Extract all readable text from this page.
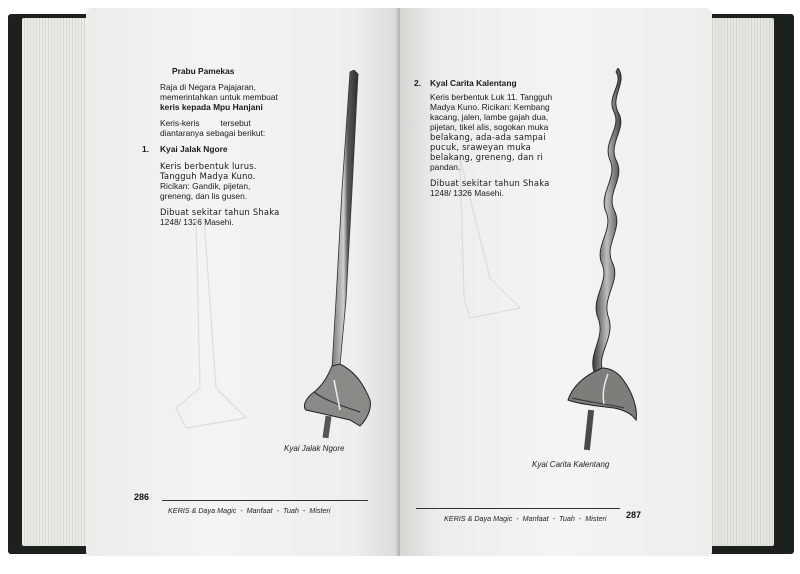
Prabu Pamekas
Raja di Negara Pajajaran,
memerintahkan untuk membuat
keris kepada Mpu Hanjani
Keris-keris         tersebut
diantaranya sebagai berikut:
1. Kyai Jalak Ngore
Keris berbentuk lurus.
Tangguh Madya Kuno.
Ricikan: Gandik, pijetan,
greneng, dan lis gusen.
Dibuat sekitar tahun Shaka
1248/ 1326 Masehi.
Kyai Jalak Ngore
286
KERIS & Daya Magic  -  Manfaat  -  Tuah  -  Misteri
2. Kyal Carita Kalentang
Keris berbentuk Luk 11. Tangguh
Madya Kuno. Ricikan: Kembang
kacang, jalen, lambe gajah dua,
pijetan, tikel alis, sogokan muka
belakang, ada-ada sampai
pucuk, sraweyan muka
belakang, greneng, dan ri
pandan.
Dibuat sekitar tahun Shaka
1248/ 1326 Masehi.
Kyai Carita Kalentang
KERIS & Daya Magic  -  Manfaat  -  Tuah  -  Misteri 287
